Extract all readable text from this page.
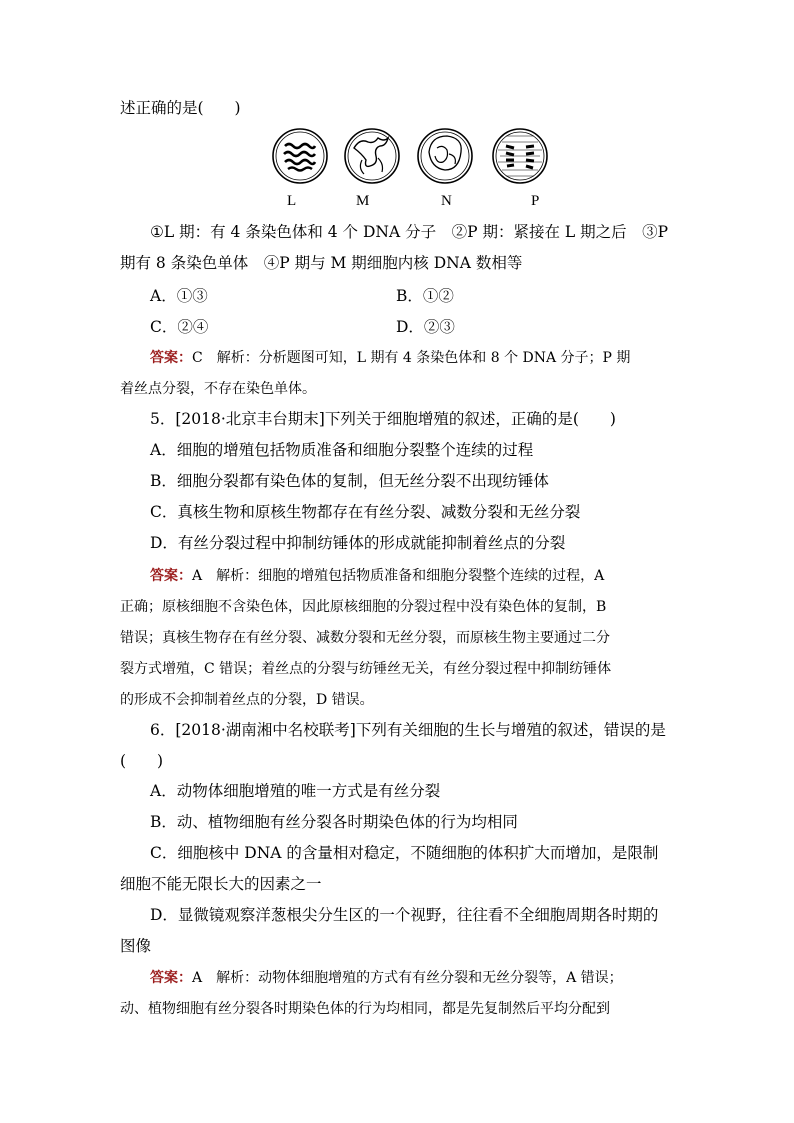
述正确的是(　　)
L	M	N	P
①L 期：有 4 条染色体和 4 个 DNA 分子　②P 期：紧接在 L 期之后　③P
期有 8 条染色单体　④P 期与 M 期细胞内核 DNA 数相等
A．①③	B．①②
C．②④	D．②③
答案：C　解析：分析题图可知，L 期有 4 条染色体和 8 个 DNA 分子；P 期
着丝点分裂，不存在染色单体。
5．[2018·北京丰台期末]下列关于细胞增殖的叙述，正确的是(　　)
A．细胞的增殖包括物质准备和细胞分裂整个连续的过程
B．细胞分裂都有染色体的复制，但无丝分裂不出现纺锤体
C．真核生物和原核生物都存在有丝分裂、减数分裂和无丝分裂
D．有丝分裂过程中抑制纺锤体的形成就能抑制着丝点的分裂
答案：A　解析：细胞的增殖包括物质准备和细胞分裂整个连续的过程，A
正确；原核细胞不含染色体，因此原核细胞的分裂过程中没有染色体的复制，B
错误；真核生物存在有丝分裂、减数分裂和无丝分裂，而原核生物主要通过二分
裂方式增殖，C 错误；着丝点的分裂与纺锤丝无关，有丝分裂过程中抑制纺锤体
的形成不会抑制着丝点的分裂，D 错误。
6．[2018·湖南湘中名校联考]下列有关细胞的生长与增殖的叙述，错误的是
(　　)
A．动物体细胞增殖的唯一方式是有丝分裂
B．动、植物细胞有丝分裂各时期染色体的行为均相同
C．细胞核中 DNA 的含量相对稳定，不随细胞的体积扩大而增加，是限制
细胞不能无限长大的因素之一
D．显微镜观察洋葱根尖分生区的一个视野，往往看不全细胞周期各时期的
图像
答案：A　解析：动物体细胞增殖的方式有有丝分裂和无丝分裂等，A 错误；
动、植物细胞有丝分裂各时期染色体的行为均相同，都是先复制然后平均分配到
